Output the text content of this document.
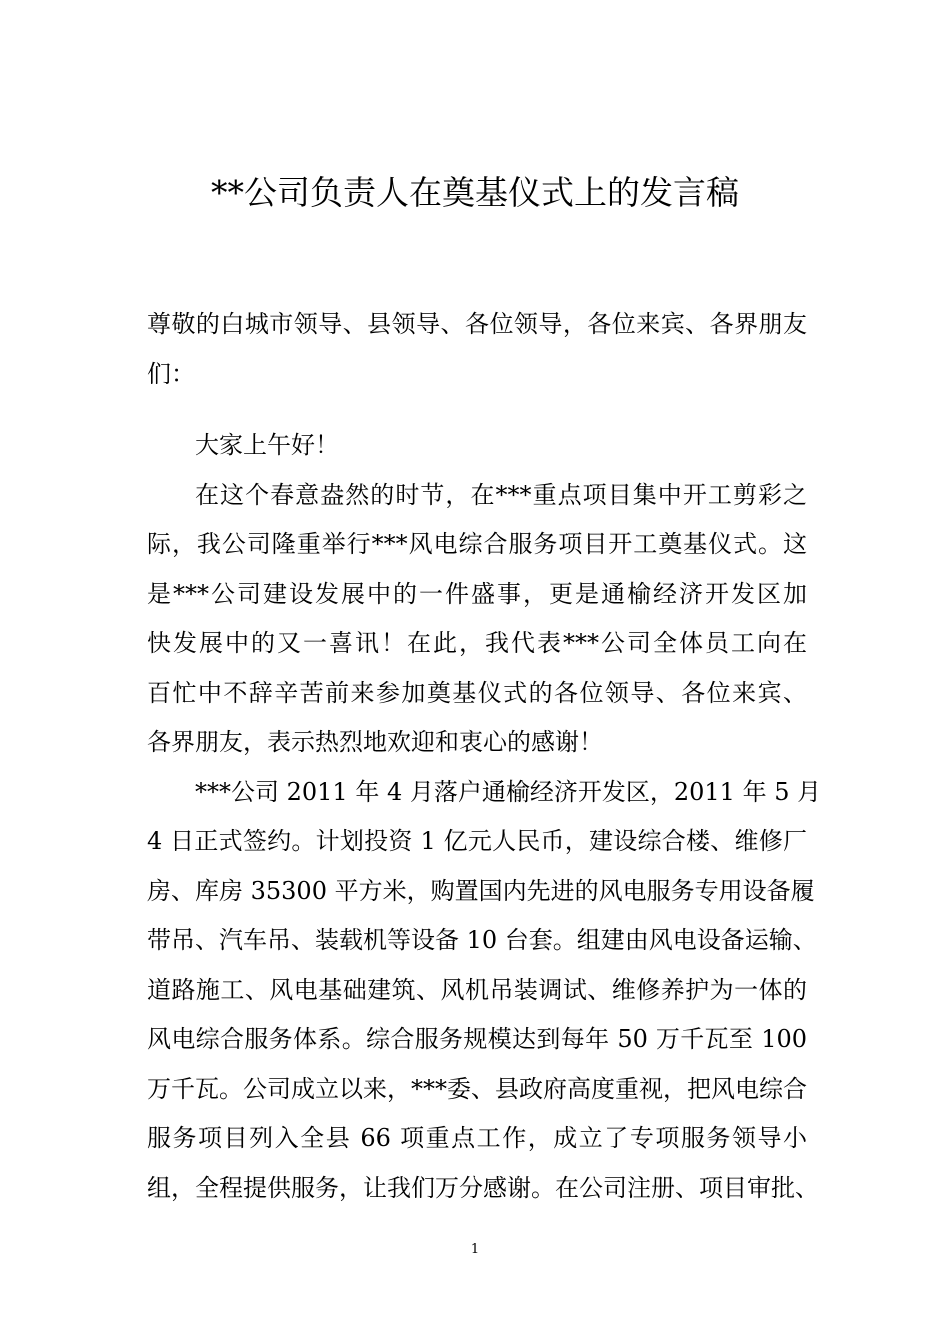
**公司负责人在奠基仪式上的发言稿
尊敬的白城市领导、县领导、各位领导，各位来宾、各界朋友
们：
大家上午好！
在这个春意盎然的时节，在***重点项目集中开工剪彩之
际，我公司隆重举行***风电综合服务项目开工奠基仪式。这
是***公司建设发展中的一件盛事，更是通榆经济开发区加
快发展中的又一喜讯！在此，我代表***公司全体员工向在
百忙中不辞辛苦前来参加奠基仪式的各位领导、各位来宾、
各界朋友，表示热烈地欢迎和衷心的感谢！
***公司 2011 年 4 月落户通榆经济开发区，2011 年 5 月
4 日正式签约。计划投资 1 亿元人民币，建设综合楼、维修厂
房、库房 35300 平方米，购置国内先进的风电服务专用设备履
带吊、汽车吊、装载机等设备 10 台套。组建由风电设备运输、
道路施工、风电基础建筑、风机吊装调试、维修养护为一体的
风电综合服务体系。综合服务规模达到每年 50 万千瓦至 100
万千瓦。公司成立以来，***委、县政府高度重视，把风电综合
服务项目列入全县 66 项重点工作，成立了专项服务领导小
组，全程提供服务，让我们万分感谢。在公司注册、项目审批、
1
